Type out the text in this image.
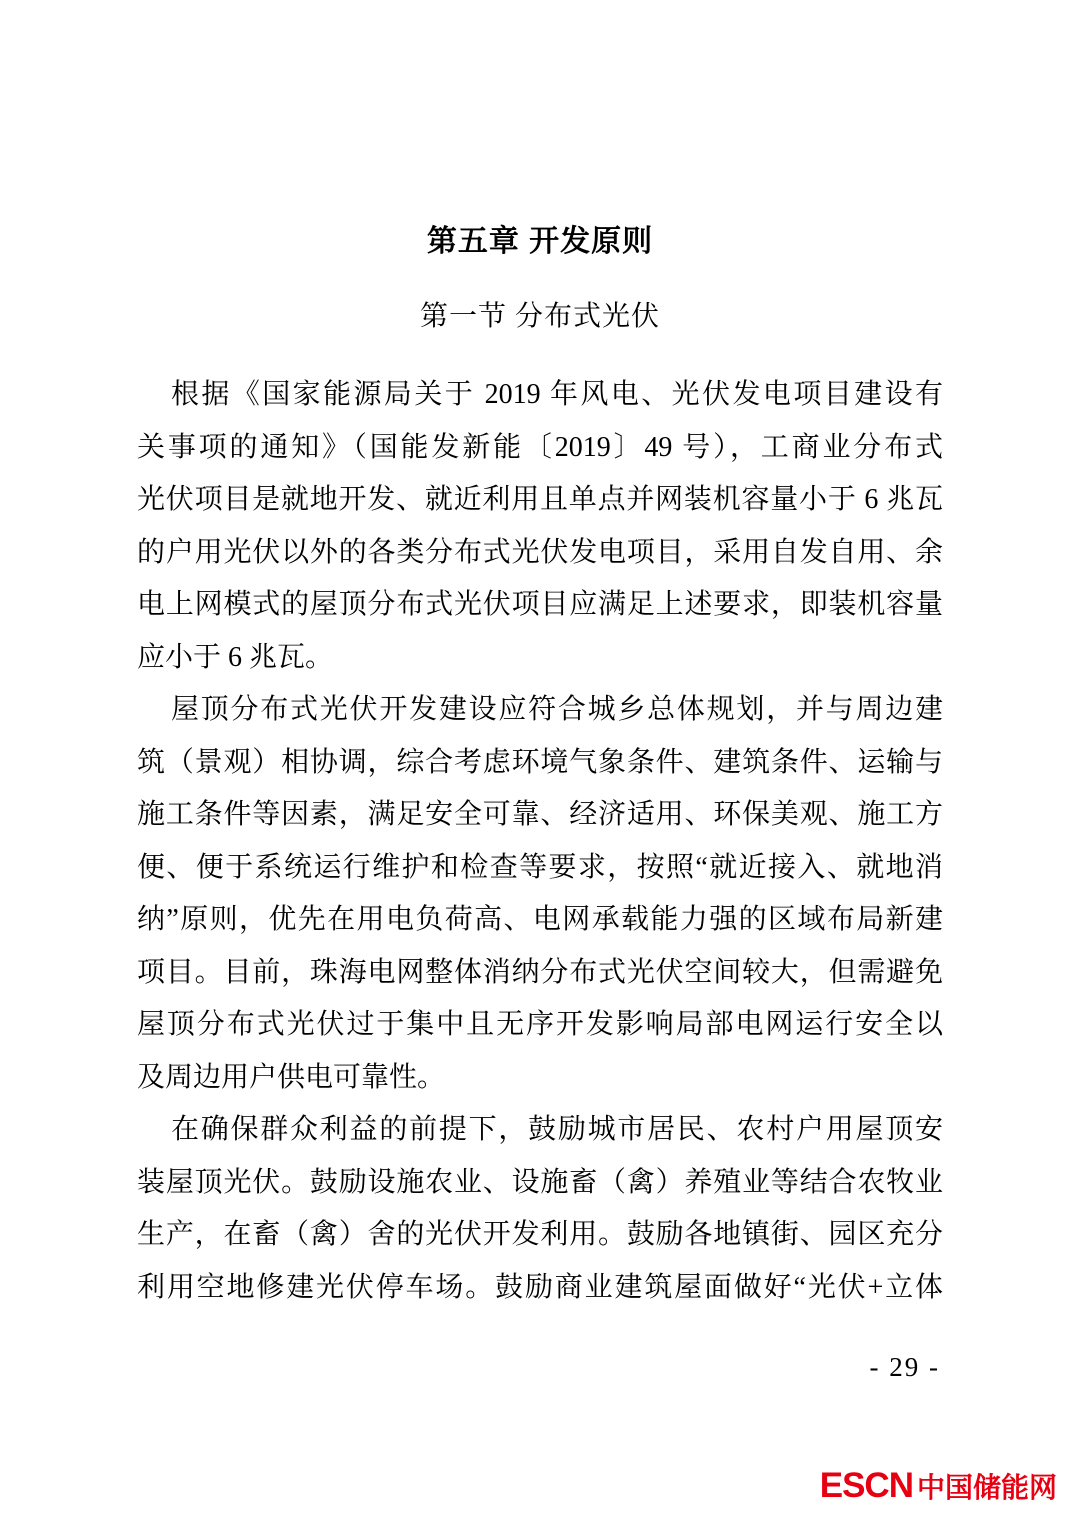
第五章 开发原则
第一节 分布式光伏
根据《国家能源局关于 2019 年风电、光伏发电项目建设有
关事项的通知》（国能发新能〔2019〕49 号），工商业分布式
光伏项目是就地开发、就近利用且单点并网装机容量小于 6 兆瓦
的户用光伏以外的各类分布式光伏发电项目，采用自发自用、余
电上网模式的屋顶分布式光伏项目应满足上述要求，即装机容量
应小于 6 兆瓦。
屋顶分布式光伏开发建设应符合城乡总体规划，并与周边建
筑（景观）相协调，综合考虑环境气象条件、建筑条件、运输与
施工条件等因素，满足安全可靠、经济适用、环保美观、施工方
便、便于系统运行维护和检查等要求，按照“就近接入、就地消
纳”原则，优先在用电负荷高、电网承载能力强的区域布局新建
项目。目前，珠海电网整体消纳分布式光伏空间较大，但需避免
屋顶分布式光伏过于集中且无序开发影响局部电网运行安全以
及周边用户供电可靠性。
在确保群众利益的前提下，鼓励城市居民、农村户用屋顶安
装屋顶光伏。鼓励设施农业、设施畜（禽）养殖业等结合农牧业
生产，在畜（禽）舍的光伏开发利用。鼓励各地镇街、园区充分
利用空地修建光伏停车场。鼓励商业建筑屋面做好“光伏+立体
- 29 -
ESCN 中国储能网
